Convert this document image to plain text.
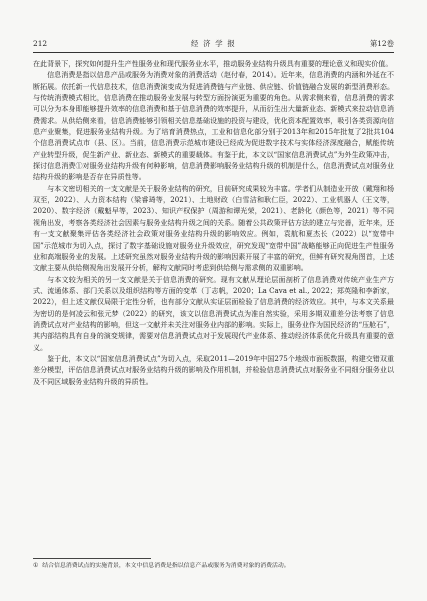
212	经 济 学 报	第12卷

在此背景下，探究如何提升生产性服务业和现代服务业水平，推动服务业结构升级具有重要的理论意义和现实价值。

信息消费是指以信息产品或服务为消费对象的消费活动（赵付春，2014）。近年来，信息消费的内涵和外延在不断拓展。依托新一代信息技术，信息消费演变成为促进消费链与产业链、供应链、价值链融合发展的新型消费形态。与传统消费模式相比，信息消费在推动服务业发展与转型方面扮演更为重要的角色。从需求侧来看，信息消费的需求可以分为本身即能够提升效率的信息消费和基于信息消费的效率提升，从而衍生出大量新业态、新模式来拉动信息消费需求。从供给侧来看，信息消费能够引领相关信息基础设施的投资与建设，优化资本配置效率，吸引各类资源向信息产业聚集，促进服务业结构升级。为了培育消费热点，工业和信息化部分别于2013年和2015年批复了2批共104个信息消费试点市（县、区）。当前，信息消费示范城市建设已经成为促进数字技术与实体经济深度融合，赋能传统产业转型升级，促生新产业、新业态、新模式的重要载体。有鉴于此，本文以“国家信息消费试点”为外生政策冲击，探讨信息消费①对服务业结构升级有何种影响，信息消费影响服务业结构升级的机制是什么，信息消费试点对服务业结构升级的影响是否存在异质性等。

与本文密切相关的一支文献是关于服务业结构的研究，目前研究成果较为丰富。学者们从制造业开放（戴翔和杨双至，2022）、人力资本结构（梁睿琦等，2021）、土地财政（白雪洁和耿仁臣，2022）、工业机器人（王文等，2020）、数字经济（戴魁早等，2023）、知识产权保护（周游和谭光荣，2021）、老龄化（颜色等，2021）等不同视角出发，考察各类经济社会因素与服务业结构升级之间的关系。随着公共政策评估方法的建立与完善，近年来，还有一支文献聚集评估各类经济社会政策对服务业结构升级的影响效应。例如，袁航和夏杰长（2022）以“宽带中国”示范城市为切入点，探讨了数字基础设施对服务业升级效应，研究发现“宽带中国”战略能够正向促进生产性服务业和高端服务业的发展。上述研究虽然对服务业结构升级的影响因素开展了丰富的研究，但鲜有研究视角图首，上述文献主要从供给侧视角出发展开分析，解构文献同时考虑到供给侧与需求侧的双重影响。

与本文较为相关的另一支文献是关于信息消费的研究。现有文献从理论层面剖析了信息消费对传统产业生产方式、流通体系、部门关系以及组织结构等方面的变革（丁志帆，2020；La Cava et al., 2022；郑英隆和李新家，2022），但上述文献仅局限于定性分析，也有部分文献从实证层面检验了信息消费的经济效应。其中，与本文关系最为密切的是何凌云和张元梦（2022）的研究，该文以信息消费试点为准自然实验，采用多期双重差分法考察了信息消费试点对产业结构的影响，但这一文献并未关注对服务业内部的影响。实际上，服务业作为国民经济的“压舱石”，其内部结构具有自身的演变规律，需要对信息消费试点对于发展现代产业体系、推动经济体系优化升级具有重要的意义。

鉴于此，本文以“国家信息消费试点”为切入点，采取2011—2019年中国275个地级市面板数据，构建交错双重差分模型，评估信息消费试点对服务业结构升级的影响及作用机制，并检验信息消费试点对服务业不同细分服务业以及不同区域服务业结构升级的异质性。

① 结合信息消费试点的实施背景，本文中信息消费是指以信息产品或服务为消费对象的消费活动。
